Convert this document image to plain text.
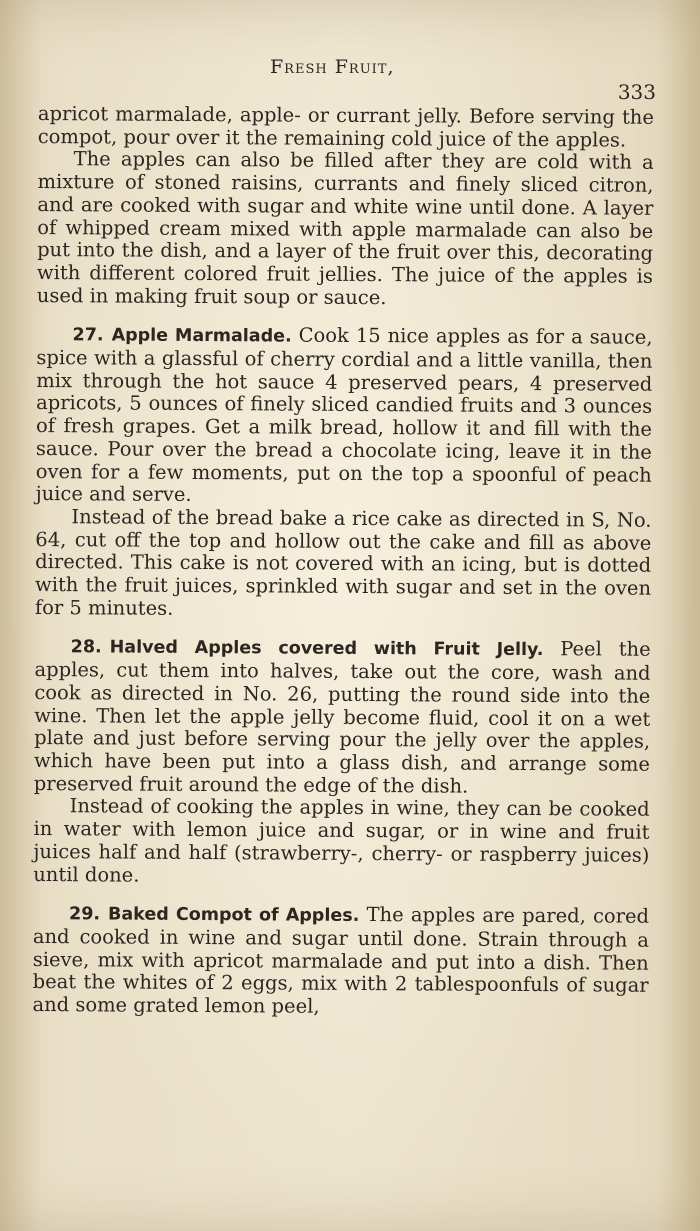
Fresh Fruit,
333

apricot marmalade, apple- or currant jelly. Before serving the compot, pour over it the remaining cold juice of the apples.

The apples can also be filled after they are cold with a mixture of stoned raisins, currants and finely sliced citron, and are cooked with sugar and white wine until done. A layer of whipped cream mixed with apple marmalade can also be put into the dish, and a layer of the fruit over this, decorating with different colored fruit jellies. The juice of the apples is used in making fruit soup or sauce.

27. Apple Marmalade. Cook 15 nice apples as for a sauce, spice with a glassful of cherry cordial and a little vanilla, then mix through the hot sauce 4 preserved pears, 4 preserved apricots, 5 ounces of finely sliced candied fruits and 3 ounces of fresh grapes. Get a milk bread, hollow it and fill with the sauce. Pour over the bread a chocolate icing, leave it in the oven for a few moments, put on the top a spoonful of peach juice and serve.

Instead of the bread bake a rice cake as directed in S, No. 64, cut off the top and hollow out the cake and fill as above directed. This cake is not covered with an icing, but is dotted with the fruit juices, sprinkled with sugar and set in the oven for 5 minutes.

28. Halved Apples covered with Fruit Jelly. Peel the apples, cut them into halves, take out the core, wash and cook as directed in No. 26, putting the round side into the wine. Then let the apple jelly become fluid, cool it on a wet plate and just before serving pour the jelly over the apples, which have been put into a glass dish, and arrange some preserved fruit around the edge of the dish.

Instead of cooking the apples in wine, they can be cooked in water with lemon juice and sugar, or in wine and fruit juices half and half (strawberry-, cherry- or raspberry juices) until done.

29. Baked Compot of Apples. The apples are pared, cored and cooked in wine and sugar until done. Strain through a sieve, mix with apricot marmalade and put into a dish. Then beat the whites of 2 eggs, mix with 2 tablespoonfuls of sugar and some grated lemon peel,
